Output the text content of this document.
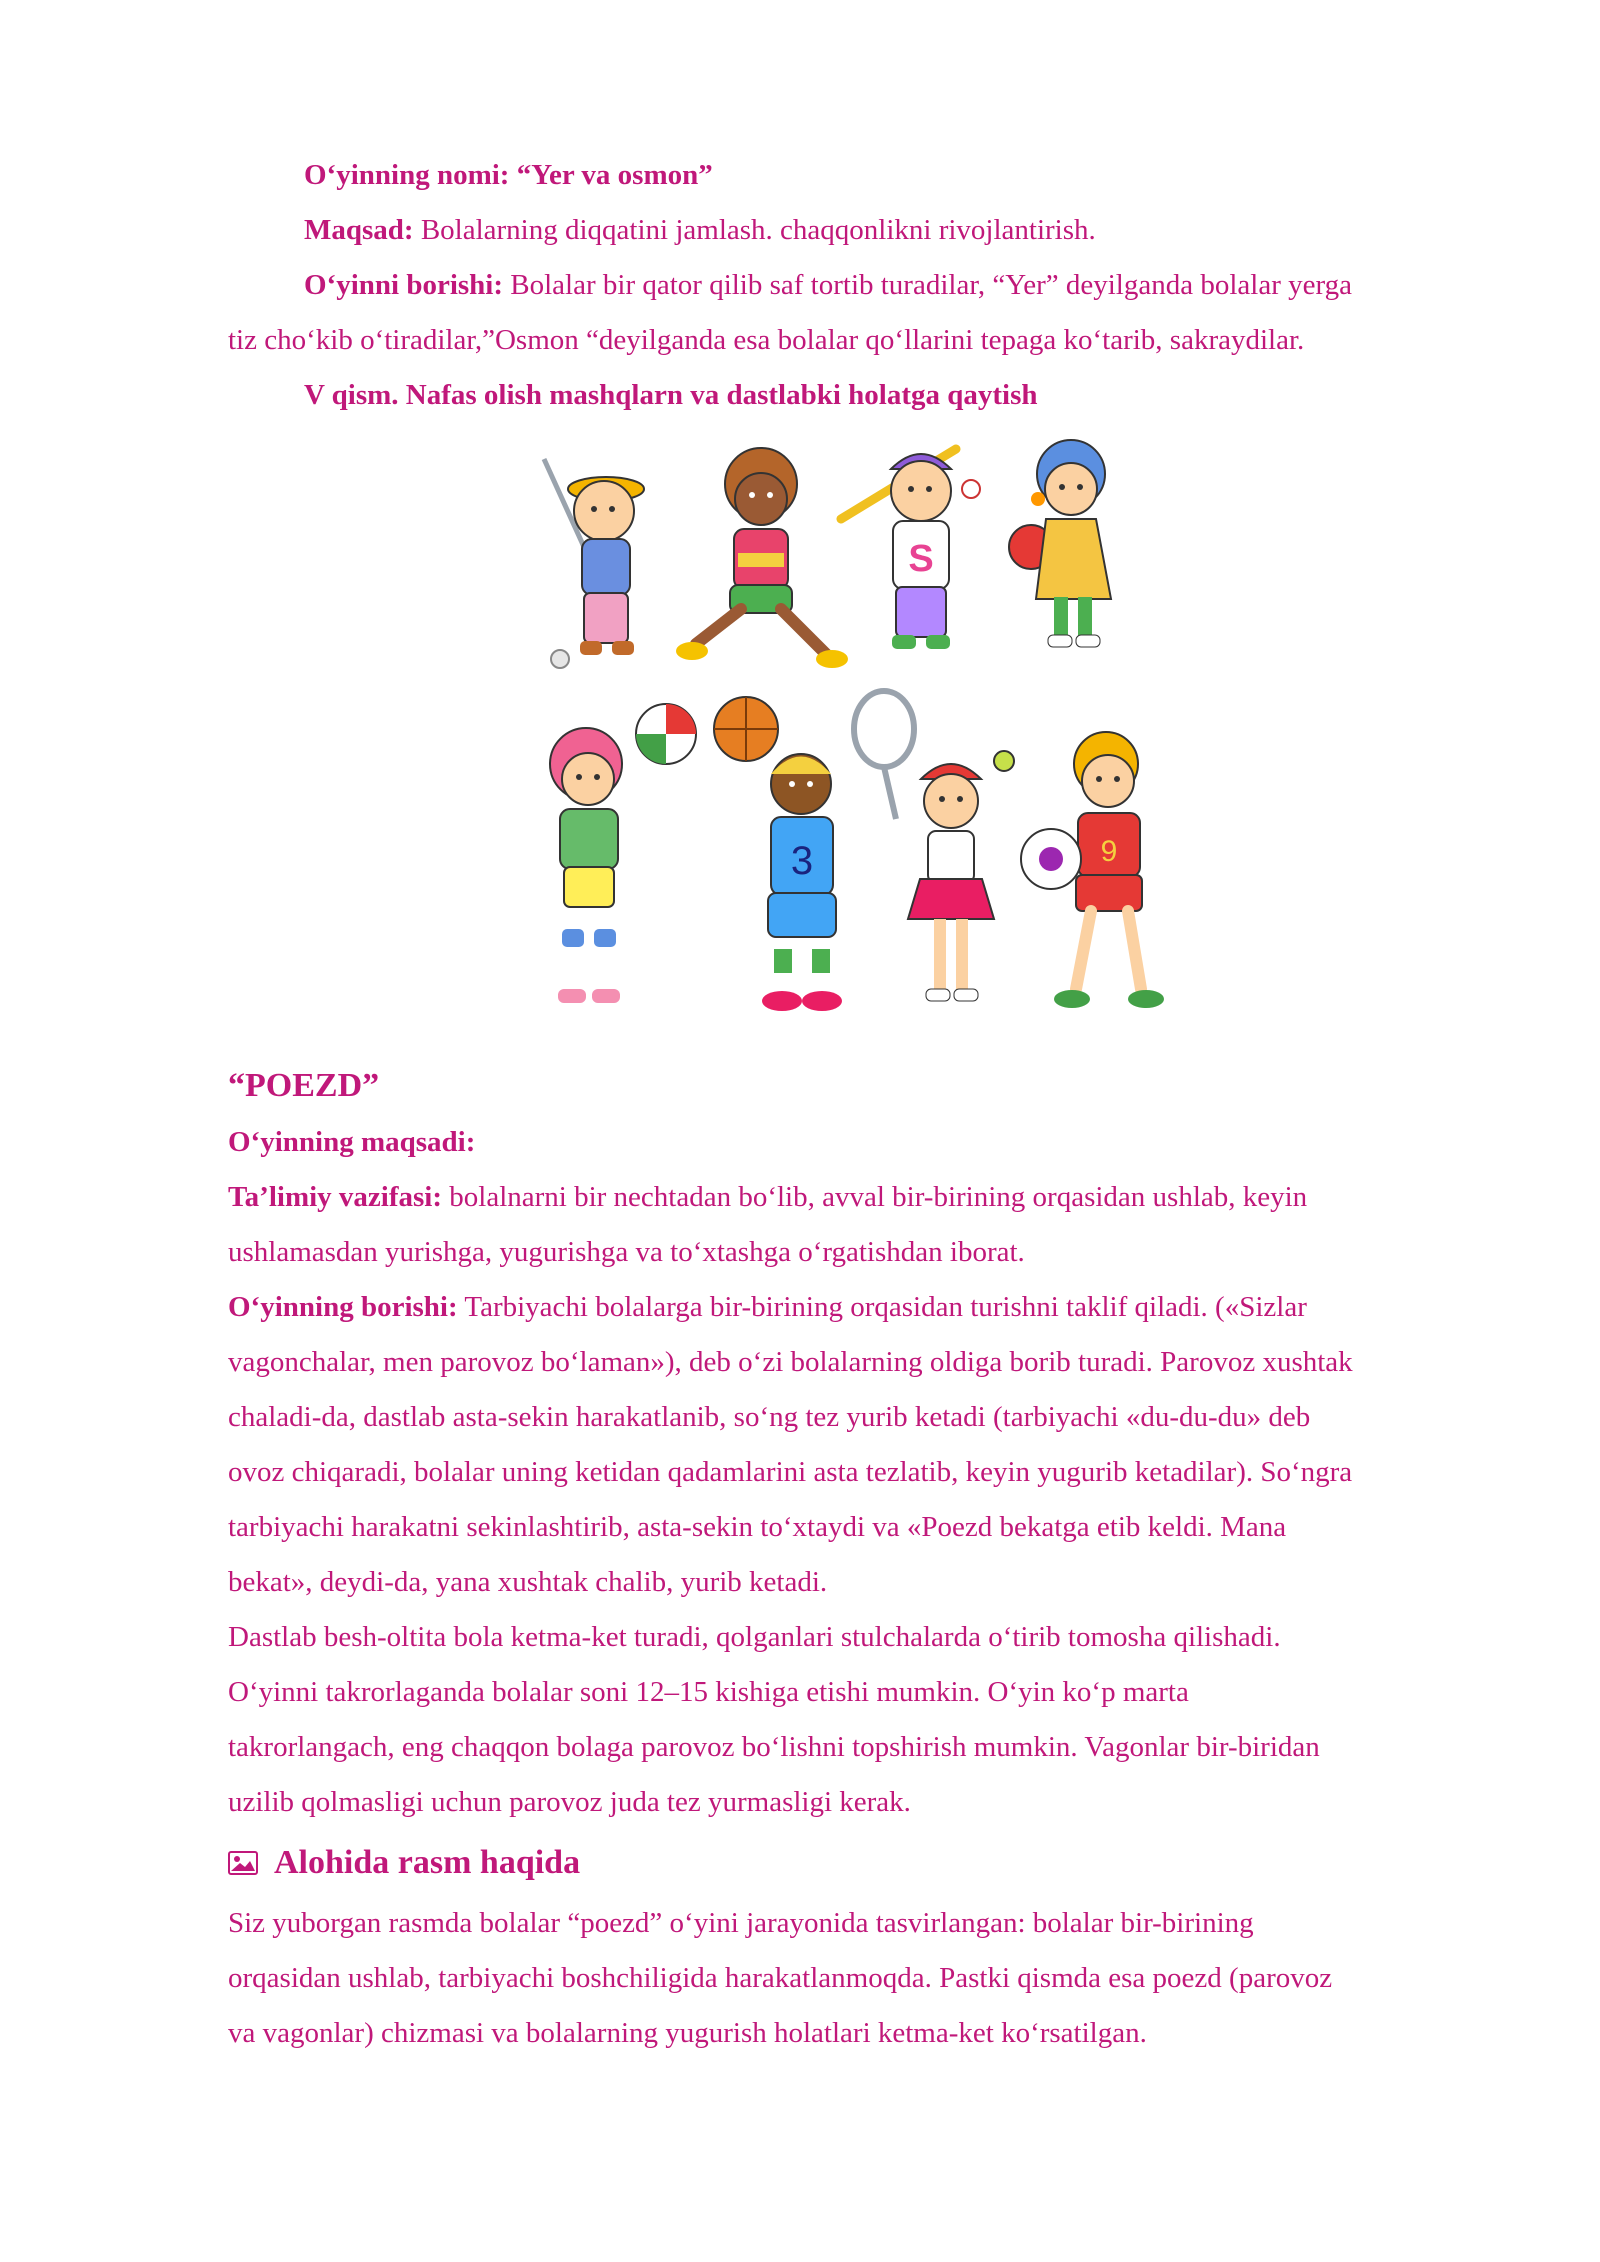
O‘yinning nomi: “Yer va osmon”

Maqsad: Bolalarning diqqatini jamlash. chaqqonlikni rivojlantirish.

O‘yinni borishi: Bolalar bir qator qilib saf tortib turadilar, “Yer” deyilganda bolalar yerga

tiz cho‘kib o‘tiradilar,”Osmon “deyilganda esa bolalar qo‘llarini tepaga ko‘tarib, sakraydilar.

V qism. Nafas olish mashqlarn va dastlabki holatga qaytish

S
3	9

“POEZD”

O‘yinning maqsadi:

Ta’limiy vazifasi: bolalnarni bir nechtadan bo‘lib, avval bir-birining orqasidan ushlab, keyin

ushlamasdan yurishga, yugurishga va to‘xtashga o‘rgatishdan iborat.

O‘yinning borishi: Tarbiyachi bolalarga bir-birining orqasidan turishni taklif qiladi. («Sizlar

vagonchalar, men parovoz bo‘laman»), deb o‘zi bolalarning oldiga borib turadi. Parovoz xushtak

chaladi-da, dastlab asta-sekin harakatlanib, so‘ng tez yurib ketadi (tarbiyachi «du-du-du» deb

ovoz chiqaradi, bolalar uning ketidan qadamlarini asta tezlatib, keyin yugurib ketadilar). So‘ngra

tarbiyachi harakatni sekinlashtirib, asta-sekin to‘xtaydi va «Poezd bekatga etib keldi. Mana

bekat», deydi-da, yana xushtak chalib, yurib ketadi.

Dastlab besh-oltita bola ketma-ket turadi, qolganlari stulchalarda o‘tirib tomosha qilishadi.

O‘yinni takrorlaganda bolalar soni 12–15 kishiga etishi mumkin. O‘yin ko‘p marta

takrorlangach, eng chaqqon bolaga parovoz bo‘lishni topshirish mumkin. Vagonlar bir-biridan

uzilib qolmasligi uchun parovoz juda tez yurmasligi kerak.

Alohida rasm haqida

Siz yuborgan rasmda bolalar “poezd” o‘yini jarayonida tasvirlangan: bolalar bir-birining

orqasidan ushlab, tarbiyachi boshchiligida harakatlanmoqda. Pastki qismda esa poezd (parovoz

va vagonlar) chizmasi va bolalarning yugurish holatlari ketma-ket ko‘rsatilgan.
